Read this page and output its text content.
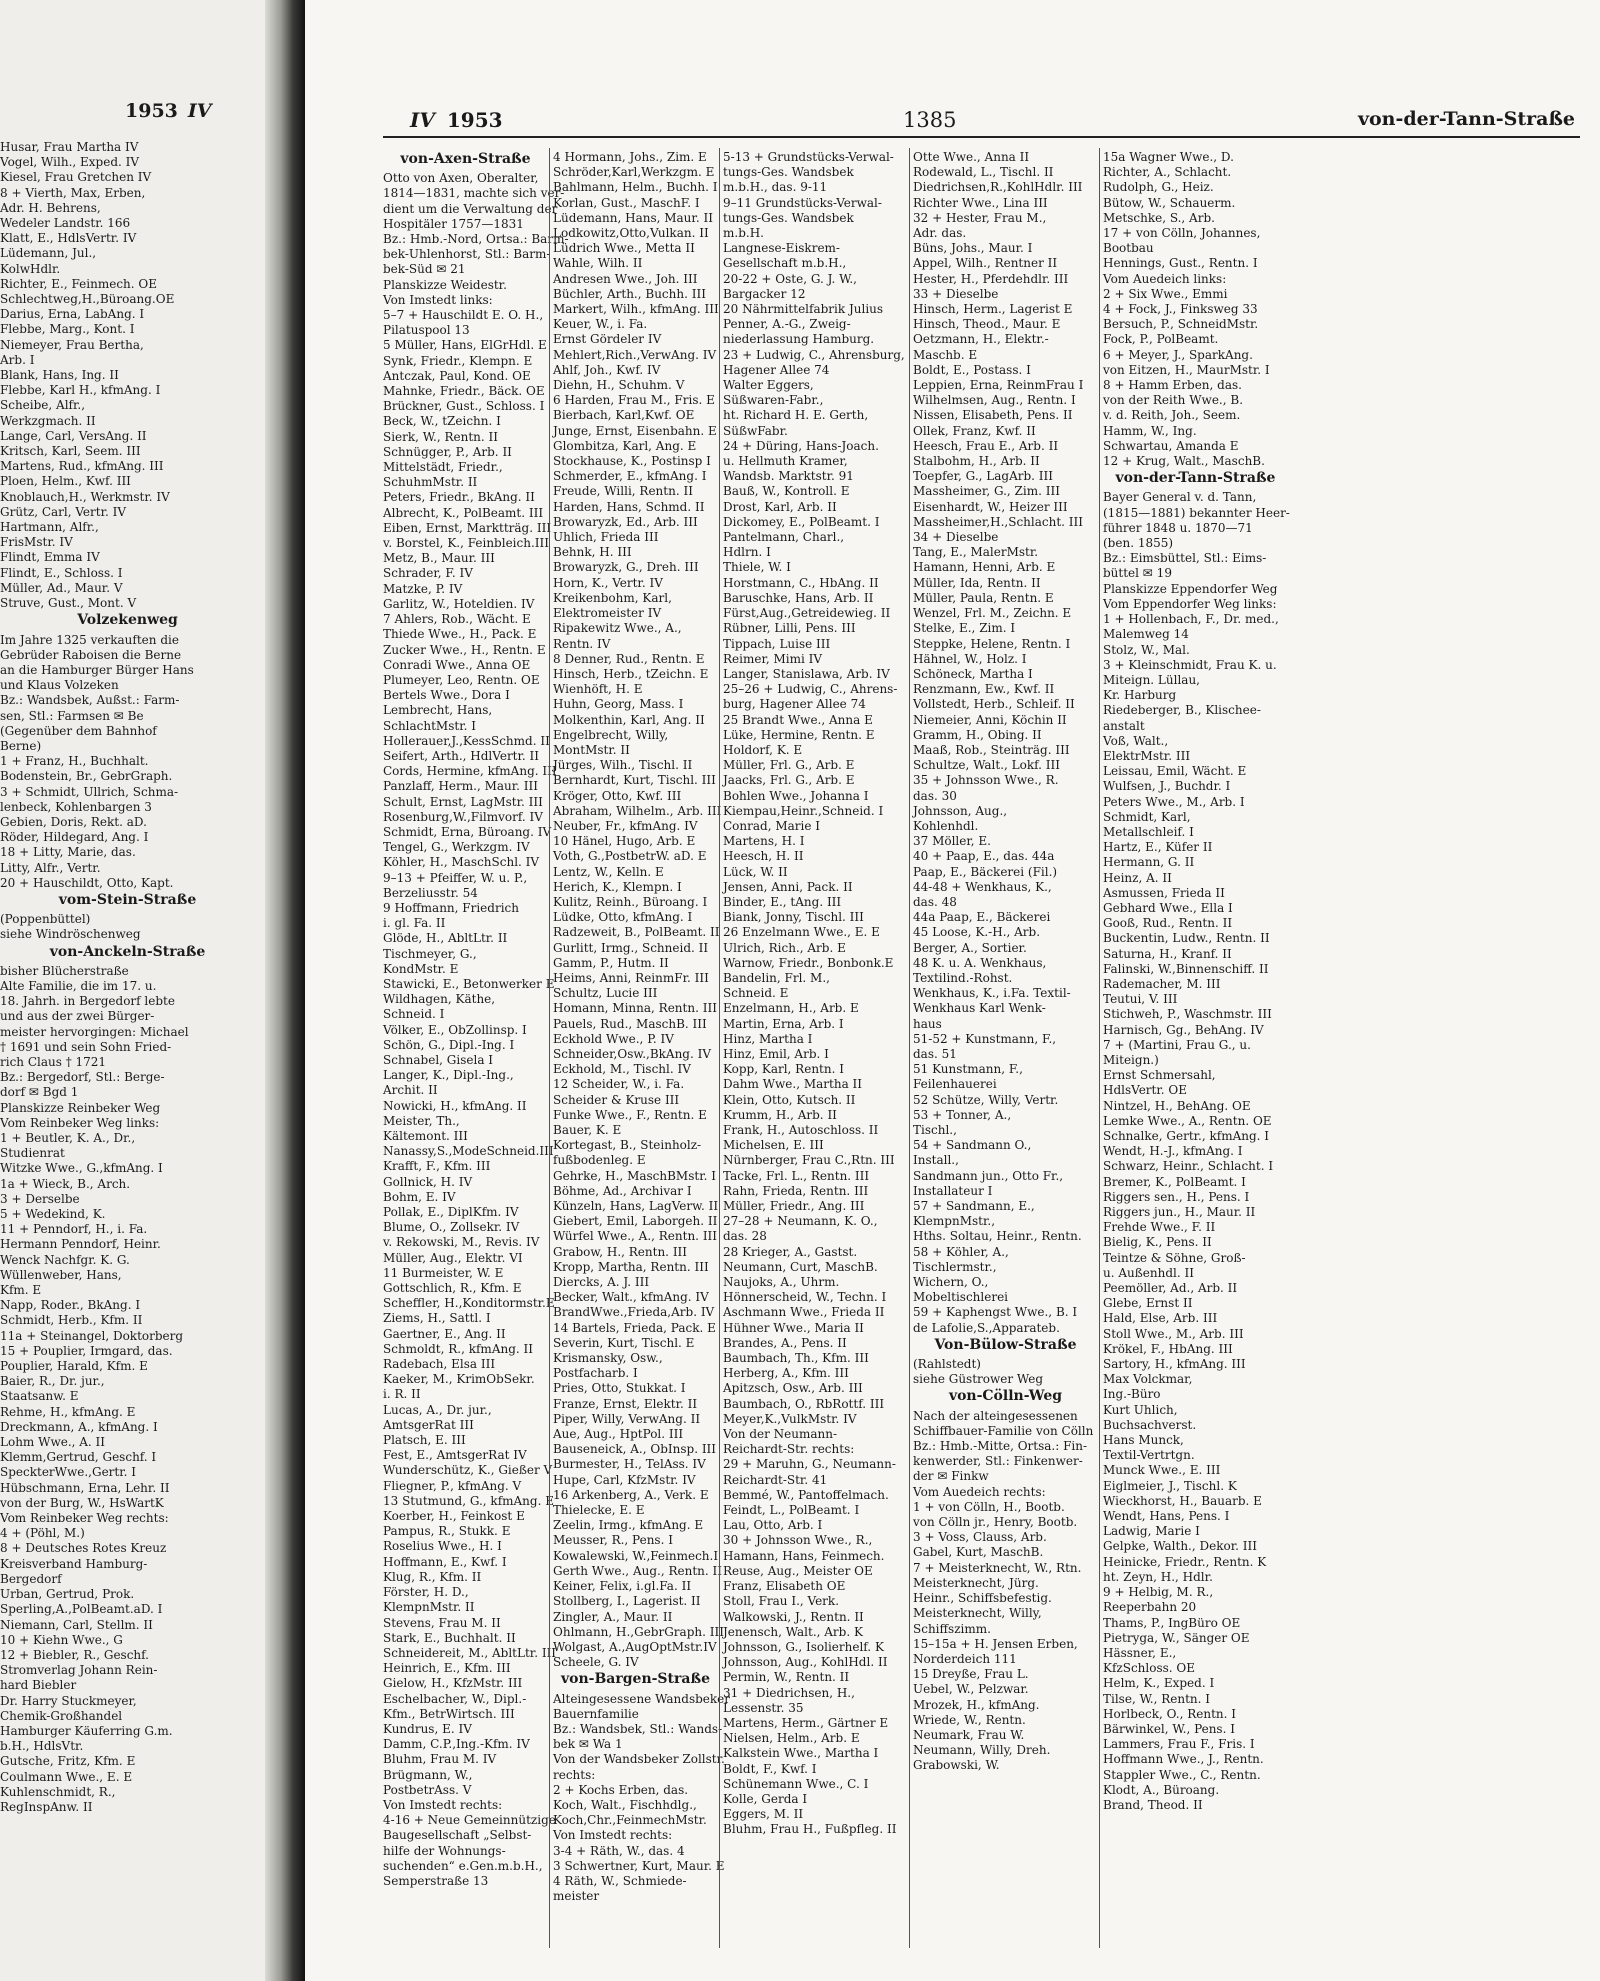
1953 IV
Husar, Frau Martha IV
Vogel, Wilh., Exped. IV
Kiesel, Frau Gretchen IV
8 + Vierth, Max, Erben,
Adr. H. Behrens,
Wedeler Landstr. 166
Klatt, E., HdlsVertr. IV
Lüdemann, Jul.,
KolwHdlr.
Richter, E., Feinmech. OE
Schlechtweg,H.,Büroang.OE
Darius, Erna, LabAng. I
Flebbe, Marg., Kont. I
Niemeyer, Frau Bertha,
Arb. I
Blank, Hans, Ing. II
Flebbe, Karl H., kfmAng. I
Scheibe, Alfr.,
Werkzgmach. II
Lange, Carl, VersAng. II
Kritsch, Karl, Seem. III
Martens, Rud., kfmAng. III
Ploen, Helm., Kwf. III
Knoblauch,H., Werkmstr. IV
Grütz, Carl, Vertr. IV
Hartmann, Alfr.,
FrisMstr. IV
Flindt, Emma IV
Flindt, E., Schloss. I
Müller, Ad., Maur. V
Struve, Gust., Mont. V
Volzekenweg
Im Jahre 1325 verkauften die
Gebrüder Raboisen die Berne
an die Hamburger Bürger Hans
und Klaus Volzeken
Bz.: Wandsbek, Außst.: Farm-
sen, Stl.: Farmsen ✉ Be
(Gegenüber dem Bahnhof
Berne)
1 + Franz, H., Buchhalt.
Bodenstein, Br., GebrGraph.
3 + Schmidt, Ullrich, Schma-
lenbeck, Kohlenbargen 3
Gebien, Doris, Rekt. aD.
Röder, Hildegard, Ang. I
18 + Litty, Marie, das.
Litty, Alfr., Vertr.
20 + Hauschildt, Otto, Kapt.
vom-Stein-Straße
(Poppenbüttel)
siehe Windröschenweg
von-Anckeln-Straße
bisher Blücherstraße
Alte Familie, die im 17. u.
18. Jahrh. in Bergedorf lebte
und aus der zwei Bürger-
meister hervorgingen: Michael
† 1691 und sein Sohn Fried-
rich Claus † 1721
Bz.: Bergedorf, Stl.: Berge-
dorf ✉ Bgd 1
Planskizze Reinbeker Weg
Vom Reinbeker Weg links:
1 + Beutler, K. A., Dr.,
Studienrat
Witzke Wwe., G.,kfmAng. I
1a + Wieck, B., Arch.
3 + Derselbe
5 + Wedekind, K.
11 + Penndorf, H., i. Fa.
Hermann Penndorf, Heinr.
Wenck Nachfgr. K. G.
Wüllenweber, Hans,
Kfm. E
Napp, Roder., BkAng. I
Schmidt, Herb., Kfm. II
11a + Steinangel, Doktorberg
15 + Pouplier, Irmgard, das.
Pouplier, Harald, Kfm. E
Baier, R., Dr. jur.,
Staatsanw. E
Rehme, H., kfmAng. E
Dreckmann, A., kfmAng. I
Lohm Wwe., A. II
Klemm,Gertrud, Geschf. I
SpeckterWwe.,Gertr. I
Hübschmann, Erna, Lehr. II
von der Burg, W., HsWartK
Vom Reinbeker Weg rechts:
4 + (Pöhl, M.)
8 + Deutsches Rotes Kreuz
Kreisverband Hamburg-
Bergedorf
Urban, Gertrud, Prok.
Sperling,A.,PolBeamt.aD. I
Niemann, Carl, Stellm. II
10 + Kiehn Wwe., G
12 + Biebler, R., Geschf.
Stromverlag Johann Rein-
hard Biebler
Dr. Harry Stuckmeyer,
Chemik-Großhandel
Hamburger Käuferring G.m.
b.H., HdlsVtr.
Gutsche, Fritz, Kfm. E
Coulmann Wwe., E. E
Kuhlenschmidt, R.,
RegInspAnw. II
IV 1953	1385	von-der-Tann-Straße
von-Axen-Straße
Otto von Axen, Oberalter,
1814—1831, machte sich ver-
dient um die Verwaltung der
Hospitäler 1757—1831
Bz.: Hmb.-Nord, Ortsa.: Barm-
bek-Uhlenhorst, Stl.: Barm-
bek-Süd ✉ 21
Planskizze Weidestr.
Von Imstedt links:
5–7 + Hauschildt E. O. H.,
Pilatuspool 13
5 Müller, Hans, ElGrHdl. E
Synk, Friedr., Klempn. E
Antczak, Paul, Kond. OE
Mahnke, Friedr., Bäck. OE
Brückner, Gust., Schloss. I
Beck, W., tZeichn. I
Sierk, W., Rentn. II
Schnügger, P., Arb. II
Mittelstädt, Friedr.,
SchuhmMstr. II
Peters, Friedr., BkAng. II
Albrecht, K., PolBeamt. III
Eiben, Ernst, Marktträg. III
v. Borstel, K., Feinbleich.III
Metz, B., Maur. III
Schrader, F. IV
Matzke, P. IV
Garlitz, W., Hoteldien. IV
7 Ahlers, Rob., Wächt. E
Thiede Wwe., H., Pack. E
Zucker Wwe., H., Rentn. E
Conradi Wwe., Anna OE
Plumeyer, Leo, Rentn. OE
Bertels Wwe., Dora I
Lembrecht, Hans,
SchlachtMstr. I
Hollerauer,J.,KessSchmd. II
Seifert, Arth., HdlVertr. II
Cords, Hermine, kfmAng. III
Panzlaff, Herm., Maur. III
Schult, Ernst, LagMstr. III
Rosenburg,W.,Filmvorf. IV
Schmidt, Erna, Büroang. IV
Tengel, G., Werkzgm. IV
Köhler, H., MaschSchl. IV
9–13 + Pfeiffer, W. u. P.,
Berzeliusstr. 54
9 Hoffmann, Friedrich
i. gl. Fa. II
Glöde, H., AbltLtr. II
Tischmeyer, G.,
KondMstr. E
Stawicki, E., Betonwerker E
Wildhagen, Käthe,
Schneid. I
Völker, E., ObZollinsp. I
Schön, G., Dipl.-Ing. I
Schnabel, Gisela I
Langer, K., Dipl.-Ing.,
Archit. II
Nowicki, H., kfmAng. II
Meister, Th.,
Kältemont. III
Nanassy,S.,ModeSchneid.III
Krafft, F., Kfm. III
Gollnick, H. IV
Bohm, E. IV
Pollak, E., DiplKfm. IV
Blume, O., Zollsekr. IV
v. Rekowski, M., Revis. IV
Müller, Aug., Elektr. VI
11 Burmeister, W. E
Gottschlich, R., Kfm. E
Scheffler, H.,Konditormstr.E
Ziems, H., Sattl. I
Gaertner, E., Ang. II
Schmoldt, R., kfmAng. II
Radebach, Elsa III
Kaeker, M., KrimObSekr.
i. R. II
Lucas, A., Dr. jur.,
AmtsgerRat III
Platsch, E. III
Fest, E., AmtsgerRat IV
Wunderschütz, K., Gießer V
Fliegner, P., kfmAng. V
13 Stutmund, G., kfmAng. E
Koerber, H., Feinkost E
Pampus, R., Stukk. E
Roselius Wwe., H. I
Hoffmann, E., Kwf. I
Klug, R., Kfm. II
Förster, H. D.,
KlempnMstr. II
Stevens, Frau M. II
Stark, E., Buchhalt. II
Schneidereit, M., AbltLtr. III
Heinrich, E., Kfm. III
Gielow, H., KfzMstr. III
Eschelbacher, W., Dipl.-
Kfm., BetrWirtsch. III
Kundrus, E. IV
Damm, C.P.,Ing.-Kfm. IV
Bluhm, Frau M. IV
Brügmann, W.,
PostbetrAss. V
Von Imstedt rechts:
4-16 + Neue Gemeinnützige
Baugesellschaft „Selbst-
hilfe der Wohnungs-
suchenden“ e.Gen.m.b.H.,
Semperstraße 13
4 Hormann, Johs., Zim. E
Schröder,Karl,Werkzgm. E
Bahlmann, Helm., Buchh. I
Korlan, Gust., MaschF. I
Lüdemann, Hans, Maur. II
Lodkowitz,Otto,Vulkan. II
Lüdrich Wwe., Metta II
Wahle, Wilh. II
Andresen Wwe., Joh. III
Büchler, Arth., Buchh. III
Markert, Wilh., kfmAng. III
Keuer, W., i. Fa.
Ernst Gördeler IV
Mehlert,Rich.,VerwAng. IV
Ahlf, Joh., Kwf. IV
Diehn, H., Schuhm. V
6 Harden, Frau M., Fris. E
Bierbach, Karl,Kwf. OE
Junge, Ernst, Eisenbahn. E
Glombitza, Karl, Ang. E
Stockhause, K., Postinsp I
Schmerder, E., kfmAng. I
Freude, Willi, Rentn. II
Harden, Hans, Schmd. II
Browaryzk, Ed., Arb. III
Uhlich, Frieda III
Behnk, H. III
Browaryzk, G., Dreh. III
Horn, K., Vertr. IV
Kreikenbohm, Karl,
Elektromeister IV
Ripakewitz Wwe., A.,
Rentn. IV
8 Denner, Rud., Rentn. E
Hinsch, Herb., tZeichn. E
Wienhöft, H. E
Huhn, Georg, Mass. I
Molkenthin, Karl, Ang. II
Engelbrecht, Willy,
MontMstr. II
Jürges, Wilh., Tischl. II
Bernhardt, Kurt, Tischl. III
Kröger, Otto, Kwf. III
Abraham, Wilhelm., Arb. III
Neuber, Fr., kfmAng. IV
10 Hänel, Hugo, Arb. E
Voth, G.,PostbetrW. aD. E
Lentz, W., Kelln. E
Herich, K., Klempn. I
Kulitz, Reinh., Büroang. I
Lüdke, Otto, kfmAng. I
Radzeweit, B., PolBeamt. II
Gurlitt, Irmg., Schneid. II
Gamm, P., Hutm. II
Heims, Anni, ReinmFr. III
Schultz, Lucie III
Homann, Minna, Rentn. III
Pauels, Rud., MaschB. III
Eckhold Wwe., P. IV
Schneider,Osw.,BkAng. IV
Eckhold, M., Tischl. IV
12 Scheider, W., i. Fa.
Scheider & Kruse III
Funke Wwe., F., Rentn. E
Bauer, K. E
Kortegast, B., Steinholz-
fußbodenleg. E
Gehrke, H., MaschBMstr. I
Böhme, Ad., Archivar I
Künzeln, Hans, LagVerw. II
Giebert, Emil, Laborgeh. II
Würfel Wwe., A., Rentn. III
Grabow, H., Rentn. III
Kropp, Martha, Rentn. III
Diercks, A. J. III
Becker, Walt., kfmAng. IV
BrandWwe.,Frieda,Arb. IV
14 Bartels, Frieda, Pack. E
Severin, Kurt, Tischl. E
Krismansky, Osw.,
Postfacharb. I
Pries, Otto, Stukkat. I
Franze, Ernst, Elektr. II
Piper, Willy, VerwAng. II
Aue, Aug., HptPol. III
Bauseneick, A., ObInsp. III
Burmester, H., TelAss. IV
Hupe, Carl, KfzMstr. IV
16 Arkenberg, A., Verk. E
Thielecke, E. E
Zeelin, Irmg., kfmAng. E
Meusser, R., Pens. I
Kowalewski, W.,Feinmech.I
Gerth Wwe., Aug., Rentn. II
Keiner, Felix, i.gl.Fa. II
Stollberg, I., Lagerist. II
Zingler, A., Maur. II
Ohlmann, H.,GebrGraph. III
Wolgast, A.,AugOptMstr.IV
Scheele, G. IV
von-Bargen-Straße
Alteingesessene Wandsbeker
Bauernfamilie
Bz.: Wandsbek, Stl.: Wands-
bek ✉ Wa 1
Von der Wandsbeker Zollstr.
rechts:
2 + Kochs Erben, das.
Koch, Walt., Fischhdlg.,
Koch,Chr.,FeinmechMstr.
Von Imstedt rechts:
3-4 + Räth, W., das. 4
3 Schwertner, Kurt, Maur. E
4 Räth, W., Schmiede-
meister
5-13 + Grundstücks-Verwal-
tungs-Ges. Wandsbek
m.b.H., das. 9-11
9–11 Grundstücks-Verwal-
tungs-Ges. Wandsbek
m.b.H.
Langnese-Eiskrem-
Gesellschaft m.b.H.,
20-22 + Oste, G. J. W.,
Bargacker 12
20 Nährmittelfabrik Julius
Penner, A.-G., Zweig-
niederlassung Hamburg.
23 + Ludwig, C., Ahrensburg,
Hagener Allee 74
Walter Eggers,
Süßwaren-Fabr.,
ht. Richard H. E. Gerth,
SüßwFabr.
24 + Düring, Hans-Joach.
u. Hellmuth Kramer,
Wandsb. Marktstr. 91
Bauß, W., Kontroll. E
Drost, Karl, Arb. II
Dickomey, E., PolBeamt. I
Pantelmann, Charl.,
Hdlrn. I
Thiele, W. I
Horstmann, C., HbAng. II
Baruschke, Hans, Arb. II
Fürst,Aug.,Getreidewieg. II
Rübner, Lilli, Pens. III
Tippach, Luise III
Reimer, Mimi IV
Langer, Stanislawa, Arb. IV
25–26 + Ludwig, C., Ahrens-
burg, Hagener Allee 74
25 Brandt Wwe., Anna E
Lüke, Hermine, Rentn. E
Holdorf, K. E
Müller, Frl. G., Arb. E
Jaacks, Frl. G., Arb. E
Bohlen Wwe., Johanna I
Kiempau,Heinr.,Schneid. I
Conrad, Marie I
Martens, H. I
Heesch, H. II
Lück, W. II
Jensen, Anni, Pack. II
Binder, E., tAng. III
Biank, Jonny, Tischl. III
26 Enzelmann Wwe., E. E
Ulrich, Rich., Arb. E
Warnow, Friedr., Bonbonk.E
Bandelin, Frl. M.,
Schneid. E
Enzelmann, H., Arb. E
Martin, Erna, Arb. I
Hinz, Martha I
Hinz, Emil, Arb. I
Kopp, Karl, Rentn. I
Dahm Wwe., Martha II
Klein, Otto, Kutsch. II
Krumm, H., Arb. II
Frank, H., Autoschloss. II
Michelsen, E. III
Nürnberger, Frau C.,Rtn. III
Tacke, Frl. L., Rentn. III
Rahn, Frieda, Rentn. III
Müller, Friedr., Ang. III
27–28 + Neumann, K. O.,
das. 28
28 Krieger, A., Gastst.
Neumann, Curt, MaschB.
Naujoks, A., Uhrm.
Hönnerscheid, W., Techn. I
Aschmann Wwe., Frieda II
Hühner Wwe., Maria II
Brandes, A., Pens. II
Baumbach, Th., Kfm. III
Herberg, A., Kfm. III
Apitzsch, Osw., Arb. III
Baumbach, O., RbRottf. III
Meyer,K.,VulkMstr. IV
Von der Neumann-
Reichardt-Str. rechts:
29 + Maruhn, G., Neumann-
Reichardt-Str. 41
Bemmé, W., Pantoffelmach.
Feindt, L., PolBeamt. I
Lau, Otto, Arb. I
30 + Johnsson Wwe., R.,
Hamann, Hans, Feinmech.
Reuse, Aug., Meister OE
Franz, Elisabeth OE
Stoll, Frau I., Verk.
Walkowski, J., Rentn. II
Jenensch, Walt., Arb. K
Johnsson, G., Isolierhelf. K
Johnsson, Aug., KohlHdl. II
Permin, W., Rentn. II
31 + Diedrichsen, H.,
Lessenstr. 35
Martens, Herm., Gärtner E
Nielsen, Helm., Arb. E
Kalkstein Wwe., Martha I
Boldt, F., Kwf. I
Schünemann Wwe., C. I
Kolle, Gerda I
Eggers, M. II
Bluhm, Frau H., Fußpfleg. II
Otte Wwe., Anna II
Rodewald, L., Tischl. II
Diedrichsen,R.,KohlHdlr. III
Richter Wwe., Lina III
32 + Hester, Frau M.,
Adr. das.
Büns, Johs., Maur. I
Appel, Wilh., Rentner II
Hester, H., Pferdehdlr. III
33 + Dieselbe
Hinsch, Herm., Lagerist E
Hinsch, Theod., Maur. E
Oetzmann, H., Elektr.-
Maschb. E
Boldt, E., Postass. I
Leppien, Erna, ReinmFrau I
Wilhelmsen, Aug., Rentn. I
Nissen, Elisabeth, Pens. II
Ollek, Franz, Kwf. II
Heesch, Frau E., Arb. II
Stalbohm, H., Arb. II
Toepfer, G., LagArb. III
Massheimer, G., Zim. III
Eisenhardt, W., Heizer III
Massheimer,H.,Schlacht. III
34 + Dieselbe
Tang, E., MalerMstr.
Hamann, Henni, Arb. E
Müller, Ida, Rentn. II
Müller, Paula, Rentn. E
Wenzel, Frl. M., Zeichn. E
Stelke, E., Zim. I
Steppke, Helene, Rentn. I
Hähnel, W., Holz. I
Schöneck, Martha I
Renzmann, Ew., Kwf. II
Vollstedt, Herb., Schleif. II
Niemeier, Anni, Köchin II
Gramm, H., Obing. II
Maaß, Rob., Steinträg. III
Schultze, Walt., Lokf. III
35 + Johnsson Wwe., R.
das. 30
Johnsson, Aug.,
Kohlenhdl.
37 Möller, E.
40 + Paap, E., das. 44a
Paap, E., Bäckerei (Fil.)
44-48 + Wenkhaus, K.,
das. 48
44a Paap, E., Bäckerei
45 Loose, K.-H., Arb.
Berger, A., Sortier.
48 K. u. A. Wenkhaus,
Textilind.-Rohst.
Wenkhaus, K., i.Fa. Textil-
Wenkhaus Karl Wenk-
haus
51-52 + Kunstmann, F.,
das. 51
51 Kunstmann, F.,
Feilenhauerei
52 Schütze, Willy, Vertr.
53 + Tonner, A.,
Tischl.,
54 + Sandmann O.,
Install.,
Sandmann jun., Otto Fr.,
Installateur I
57 + Sandmann, E.,
KlempnMstr.,
Hths. Soltau, Heinr., Rentn.
58 + Köhler, A.,
Tischlermstr.,
Wichern, O.,
Mobeltischlerei
59 + Kaphengst Wwe., B. I
de Lafolie,S.,Apparateb.
Von-Bülow-Straße
(Rahlstedt)
siehe Güstrower Weg
von-Cölln-Weg
Nach der alteingesessenen
Schiffbauer-Familie von Cölln
Bz.: Hmb.-Mitte, Ortsa.: Fin-
kenwerder, Stl.: Finkenwer-
der ✉ Finkw
Vom Auedeich rechts:
1 + von Cölln, H., Bootb.
von Cölln jr., Henry, Bootb.
3 + Voss, Clauss, Arb.
Gabel, Kurt, MaschB.
7 + Meisterknecht, W., Rtn.
Meisterknecht, Jürg.
Heinr., Schiffsbefestig.
Meisterknecht, Willy,
Schiffszimm.
15–15a + H. Jensen Erben,
Norderdeich 111
15 Dreyße, Frau L.
Uebel, W., Pelzwar.
Mrozek, H., kfmAng.
Wriede, W., Rentn.
Neumark, Frau W.
Neumann, Willy, Dreh.
Grabowski, W.
15a Wagner Wwe., D.
Richter, A., Schlacht.
Rudolph, G., Heiz.
Bütow, W., Schauerm.
Metschke, S., Arb.
17 + von Cölln, Johannes,
Bootbau
Hennings, Gust., Rentn. I
Vom Auedeich links:
2 + Six Wwe., Emmi
4 + Fock, J., Finksweg 33
Bersuch, P., SchneidMstr.
Fock, P., PolBeamt.
6 + Meyer, J., SparkAng.
von Eitzen, H., MaurMstr. I
8 + Hamm Erben, das.
von der Reith Wwe., B.
v. d. Reith, Joh., Seem.
Hamm, W., Ing.
Schwartau, Amanda E
12 + Krug, Walt., MaschB.
von-der-Tann-Straße
Bayer General v. d. Tann,
(1815—1881) bekannter Heer-
führer 1848 u. 1870—71
(ben. 1855)
Bz.: Eimsbüttel, Stl.: Eims-
büttel ✉ 19
Planskizze Eppendorfer Weg
Vom Eppendorfer Weg links:
1 + Hollenbach, F., Dr. med.,
Malemweg 14
Stolz, W., Mal.
3 + Kleinschmidt, Frau K. u.
Miteign. Lüllau,
Kr. Harburg
Riedeberger, B., Klischee-
anstalt
Voß, Walt.,
ElektrMstr. III
Leissau, Emil, Wächt. E
Wulfsen, J., Buchdr. I
Peters Wwe., M., Arb. I
Schmidt, Karl,
Metallschleif. I
Hartz, E., Küfer II
Hermann, G. II
Heinz, A. II
Asmussen, Frieda II
Gebhard Wwe., Ella I
Gooß, Rud., Rentn. II
Buckentin, Ludw., Rentn. II
Saturna, H., Kranf. II
Falinski, W.,Binnenschiff. II
Rademacher, M. III
Teutui, V. III
Stichweh, P., Waschmstr. III
Harnisch, Gg., BehAng. IV
7 + (Martini, Frau G., u.
Miteign.)
Ernst Schmersahl,
HdlsVertr. OE
Nintzel, H., BehAng. OE
Lemke Wwe., A., Rentn. OE
Schnalke, Gertr., kfmAng. I
Wendt, H.-J., kfmAng. I
Schwarz, Heinr., Schlacht. I
Bremer, K., PolBeamt. I
Riggers sen., H., Pens. I
Riggers jun., H., Maur. II
Frehde Wwe., F. II
Bielig, K., Pens. II
Teintze & Söhne, Groß-
u. Außenhdl. II
Peemöller, Ad., Arb. II
Glebe, Ernst II
Hald, Else, Arb. III
Stoll Wwe., M., Arb. III
Krökel, F., HbAng. III
Sartory, H., kfmAng. III
Max Volckmar,
Ing.-Büro
Kurt Uhlich,
Buchsachverst.
Hans Munck,
Textil-Vertrtgn.
Munck Wwe., E. III
Eiglmeier, J., Tischl. K
Wieckhorst, H., Bauarb. E
Wendt, Hans, Pens. I
Ladwig, Marie I
Gelpke, Walth., Dekor. III
Heinicke, Friedr., Rentn. K
ht. Zeyn, H., Hdlr.
9 + Helbig, M. R.,
Reeperbahn 20
Thams, P., IngBüro OE
Pietryga, W., Sänger OE
Hässner, E.,
KfzSchloss. OE
Helm, K., Exped. I
Tilse, W., Rentn. I
Horlbeck, O., Rentn. I
Bärwinkel, W., Pens. I
Lammers, Frau F., Fris. I
Hoffmann Wwe., J., Rentn.
Stappler Wwe., C., Rentn.
Klodt, A., Büroang.
Brand, Theod. II
